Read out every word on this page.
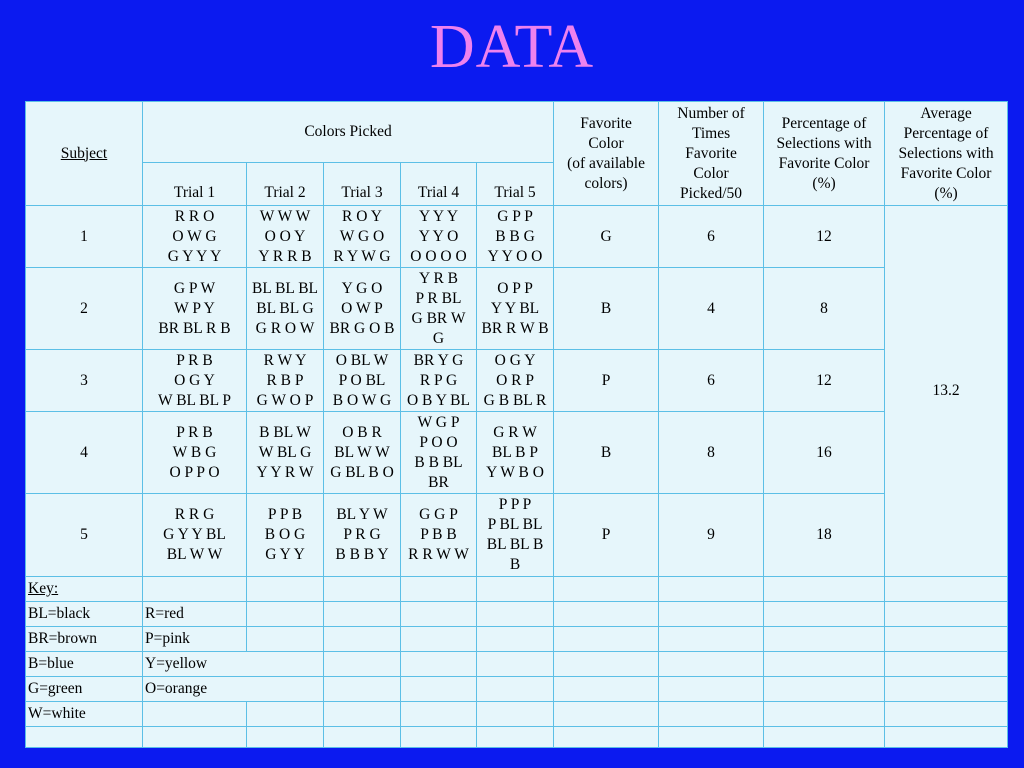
DATA
Subject	Colors Picked					Favorite
Color
(of available
colors)	Number of
Times
Favorite
Color
Picked/50	Percentage of
Selections with
Favorite Color
(%)	Average
Percentage of
Selections with
Favorite Color
(%)
	Trial 1	Trial 2	Trial 3	Trial 4	Trial 5				
1	R R O
O W G
G Y Y Y	W W W
O O Y
Y R R B	R O Y
W G O
R Y W G	Y Y Y
Y Y O
O O O O	G P P
B B G
Y Y O O	G	6	12	13.2
2	G P W
W P Y
BR BL R B	BL BL BL
BL BL G
G R O W	Y G O
O W P
BR G O B	Y R B
P R BL
G BR W
G	O P P
Y Y BL
BR R W B	B	4	8	
3	P R B
O G Y
W BL BL P	R W Y
R B P
G W O P	O BL W
P O BL
B O W G	BR Y G
R P G
O B Y BL	O G Y
O R P
G B BL R	P	6	12	
4	P R B
W B G
O P P O	B BL W
W BL G
Y Y R W	O B R
BL W W
G BL B O	W G P
P O O
B B BL
BR	G R W
BL B P
Y W B O	B	8	16	
5	R R G
G Y Y BL
BL W W	P P B
B O G
G Y Y	BL Y W
P R G
B B B Y	G G P
P B B
R R W W	P P P
P BL BL
BL BL B
B	P	9	18	
Key:									
BL=black	R=red								
BR=brown	P=pink								
B=blue	Y=yellow								
G=green	O=orange								
W=white									
